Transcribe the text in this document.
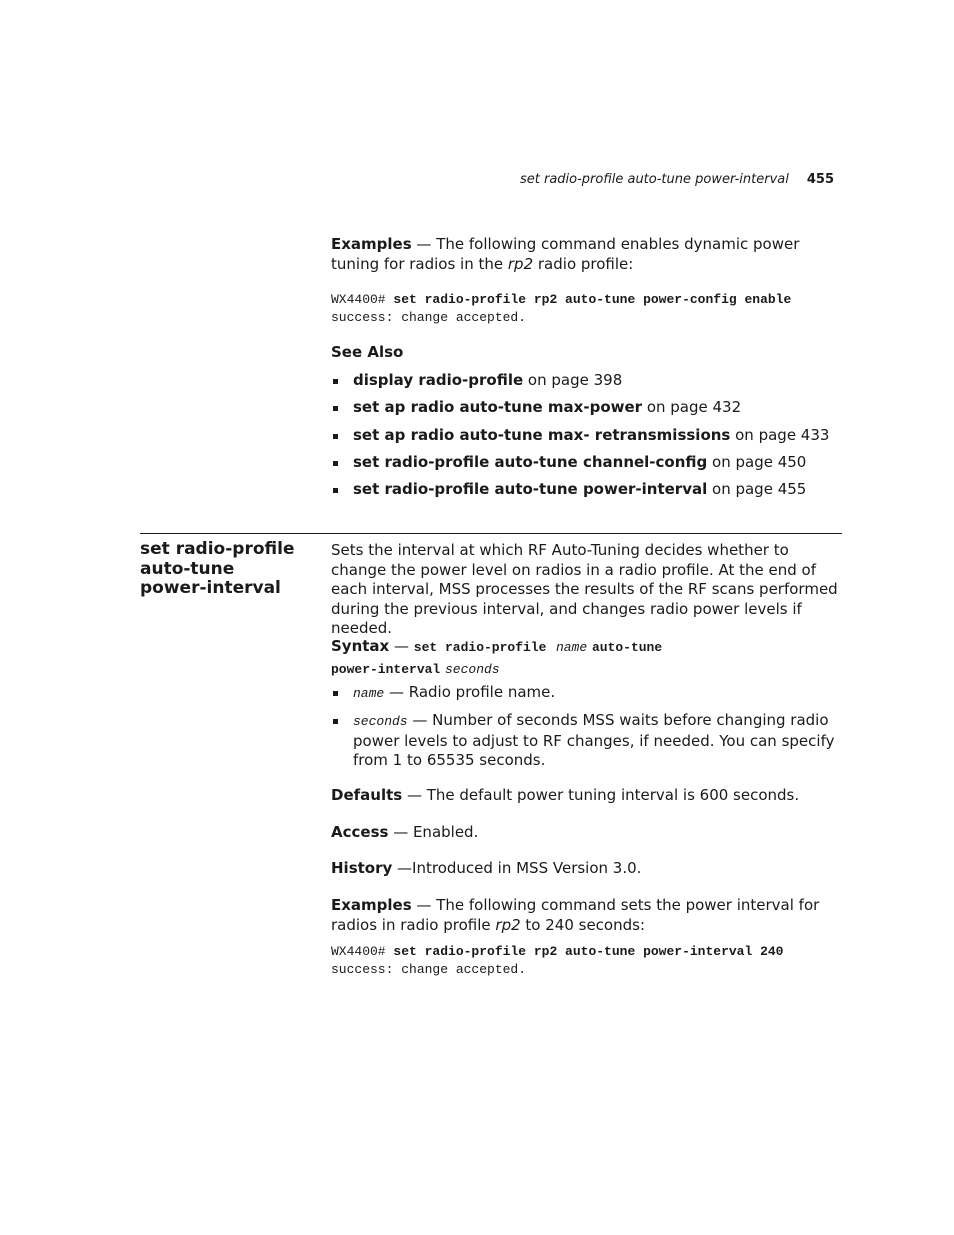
set radio-profile auto-tune power-interval 455

Examples — The following command enables dynamic power tuning for radios in the rp2 radio profile:

WX4400# set radio-profile rp2 auto-tune power-config enable
success: change accepted.
See Also
display radio-profile on page 398
set ap radio auto-tune max-power on page 432
set ap radio auto-tune max- retransmissions on page 433
set radio-profile auto-tune channel-config on page 450
set radio-profile auto-tune power-interval on page 455
set radio-profile
auto-tune
power-interval

Sets the interval at which RF Auto-Tuning decides whether to change the power level on radios in a radio profile. At the end of each interval, MSS processes the results of the RF scans performed during the previous interval, and changes radio power levels if needed.

Syntax — set radio-profile name auto-tune
power-interval seconds
name — Radio profile name.
seconds — Number of seconds MSS waits before changing radio power levels to adjust to RF changes, if needed. You can specify from 1 to 65535 seconds.

Defaults — The default power tuning interval is 600 seconds.

Access — Enabled.

History —Introduced in MSS Version 3.0.

Examples — The following command sets the power interval for radios in radio profile rp2 to 240 seconds:

WX4400# set radio-profile rp2 auto-tune power-interval 240
success: change accepted.
